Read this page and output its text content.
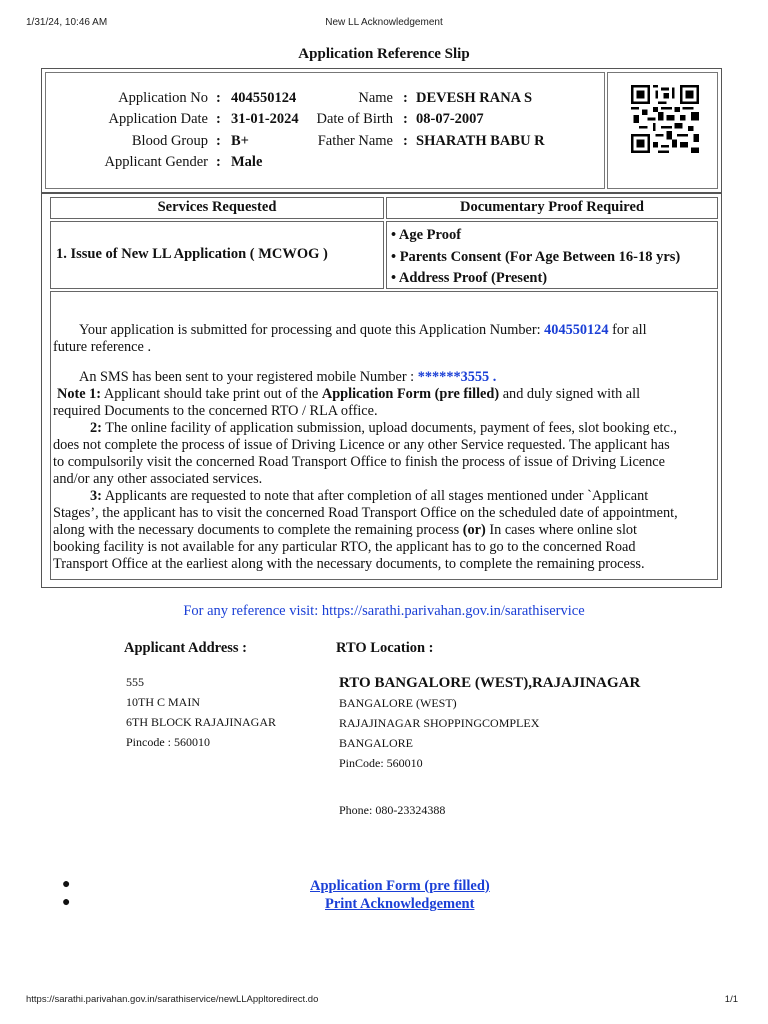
1/31/24, 10:46 AM	New LL Acknowledgement
Application Reference Slip
Application No : 404550124	Name : DEVESH RANA S
Application Date : 31-01-2024	Date of Birth : 08-07-2007
Blood Group : B+	Father Name : SHARATH BABU R
Applicant Gender : Male
Services Requested	Documentary Proof Required
1. Issue of New LL Application ( MCWOG )
• Age Proof
• Parents Consent (For Age Between 16-18 yrs)
• Address Proof (Present)
Your application is submitted for processing and quote this Application Number: 404550124 for all
future reference .
An SMS has been sent to your registered mobile Number : ******3555 .
Note 1: Applicant should take print out of the Application Form (pre filled) and duly signed with all
required Documents to the concerned RTO / RLA office.
2: The online facility of application submission, upload documents, payment of fees, slot booking etc.,
does not complete the process of issue of Driving Licence or any other Service requested. The applicant has
to compulsorily visit the concerned Road Transport Office to finish the process of issue of Driving Licence
and/or any other associated services.
3: Applicants are requested to note that after completion of all stages mentioned under `Applicant
Stages’, the applicant has to visit the concerned Road Transport Office on the scheduled date of appointment,
along with the necessary documents to complete the remaining process (or) In cases where online slot
booking facility is not available for any particular RTO, the applicant has to go to the concerned Road
Transport Office at the earliest along with the necessary documents, to complete the remaining process.
For any reference visit: https://sarathi.parivahan.gov.in/sarathiservice
Applicant Address :	RTO Location :
555
10TH C MAIN
6TH BLOCK RAJAJINAGAR
Pincode : 560010
RTO BANGALORE (WEST),RAJAJINAGAR
BANGALORE (WEST)
RAJAJINAGAR SHOPPINGCOMPLEX
BANGALORE
PinCode: 560010
Phone: 080-23324388
●
●
Application Form (pre filled)
Print Acknowledgement
https://sarathi.parivahan.gov.in/sarathiservice/newLLAppltoredirect.do	1/1
